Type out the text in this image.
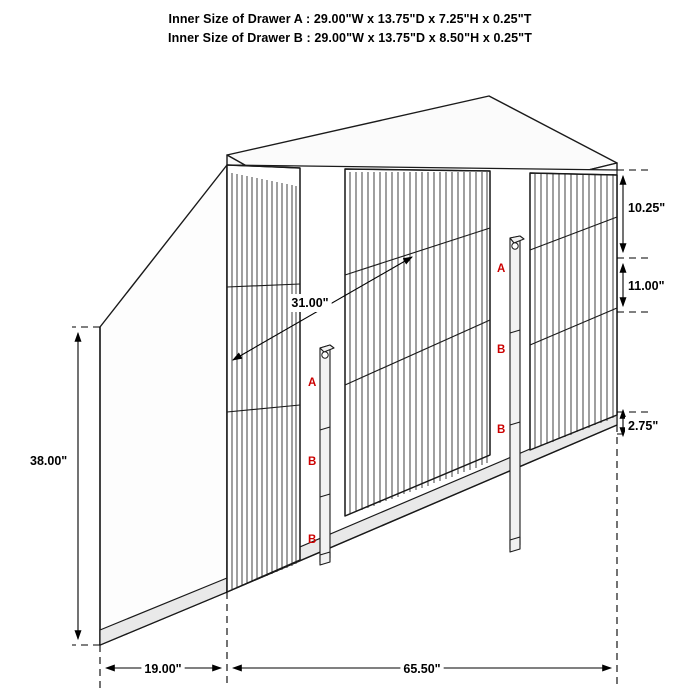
Inner Size of Drawer A : 29.00"W x 13.75"D x 7.25"H x 0.25"T
Inner Size of Drawer B : 29.00"W x 13.75"D x 8.50"H x 0.25"T
A
B
B
A
B
B
31.00"
38.00"
10.25"
11.00"
2.75"
19.00"	65.50"
